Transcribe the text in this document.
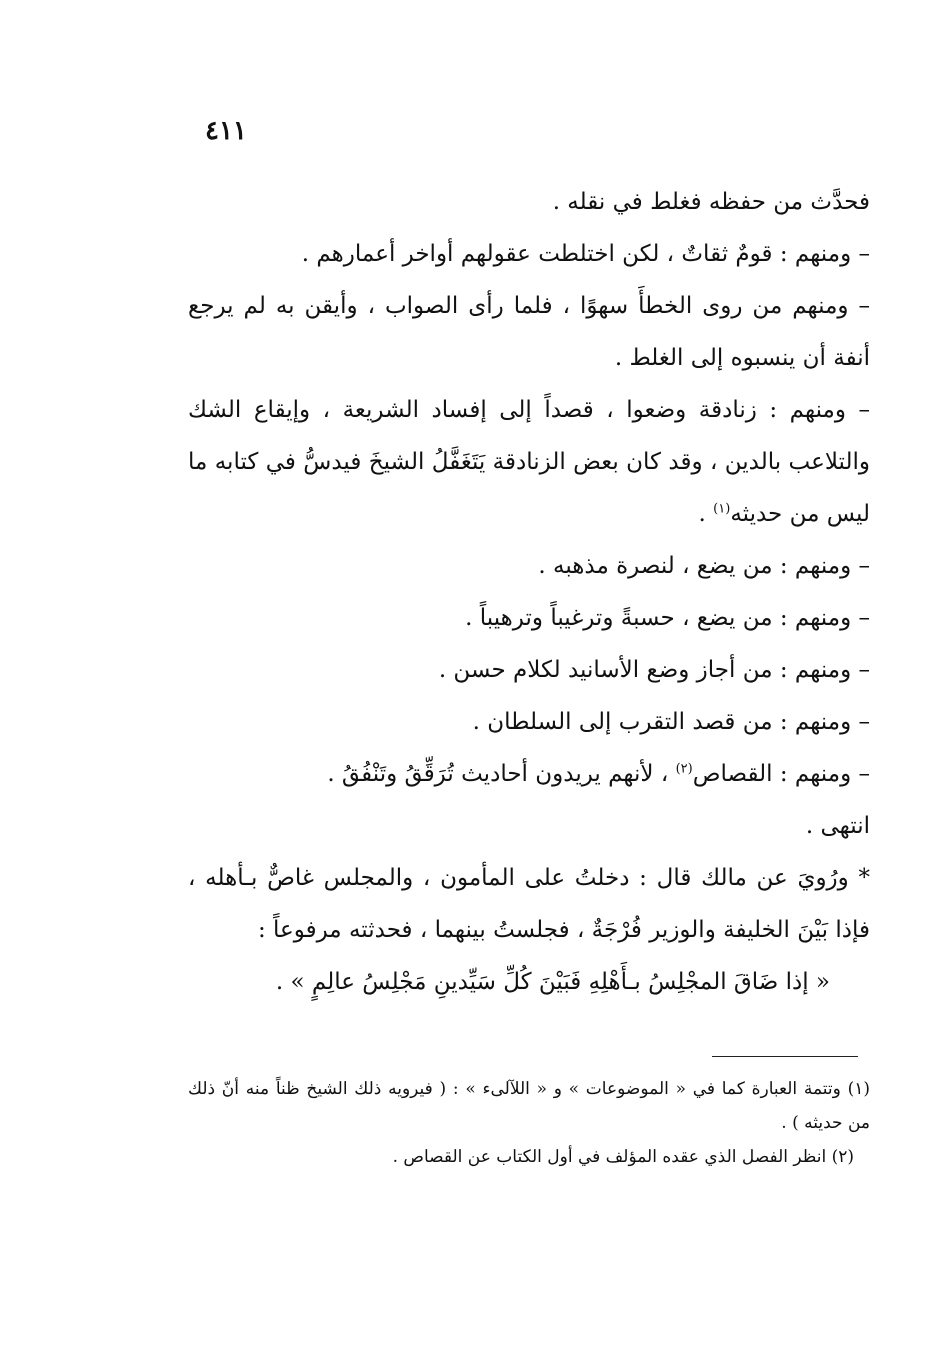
٤١١

فحدَّث من حفظه فغلط في نقله .

– ومنهم : قومٌ ثقاتٌ ، لكن اختلطت عقولهم أواخر أعمارهم .

– ومنهم من روى الخطأَ سهوًا ، فلما رأى الصواب ، وأيقن به لم يرجع أنفة أن ينسبوه إلى الغلط .

– ومنهم : زنادقة وضعوا ، قصداً إلى إفساد الشريعة ، وإيقاع الشك والتلاعب بالدين ، وقد كان بعض الزنادقة يَتَغَفَّلُ الشيخَ فيدسُّ في كتابه ما ليس من حديثه$^{(١)}$ .

– ومنهم : من يضع ، لنصرة مذهبه .

– ومنهم : من يضع ، حسبةً وترغيباً وترهيباً .

– ومنهم : من أجاز وضع الأسانيد لكلام حسن .

– ومنهم : من قصد التقرب إلى السلطان .

– ومنهم : القصاص$^{(٢)}$ ، لأنهم يريدون أحاديث تُرَقِّقُ وتَنْفُقُ .

انتهى .

* ورُويَ عن مالك قال : دخلتُ على المأمون ، والمجلس غاصٌّ بـأهله ، فإذا بَيْنَ الخليفة والوزير فُرْجَةٌ ، فجلستُ بينهما ، فحدثته مرفوعاً :

« إذا ضَاقَ المجْلِسُ بـأَهْلِهِ فَبَيْنَ كُلِّ سَيِّدينِ مَجْلِسُ عالِمٍ » .

(١) وتتمة العبارة كما في « الموضوعات » و « اللآلىء » : ( فيرويه ذلك الشيخ ظناً منه أنّ ذلك من حديثه ) .

(٢) انظر الفصل الذي عقده المؤلف في أول الكتاب عن القصاص .
